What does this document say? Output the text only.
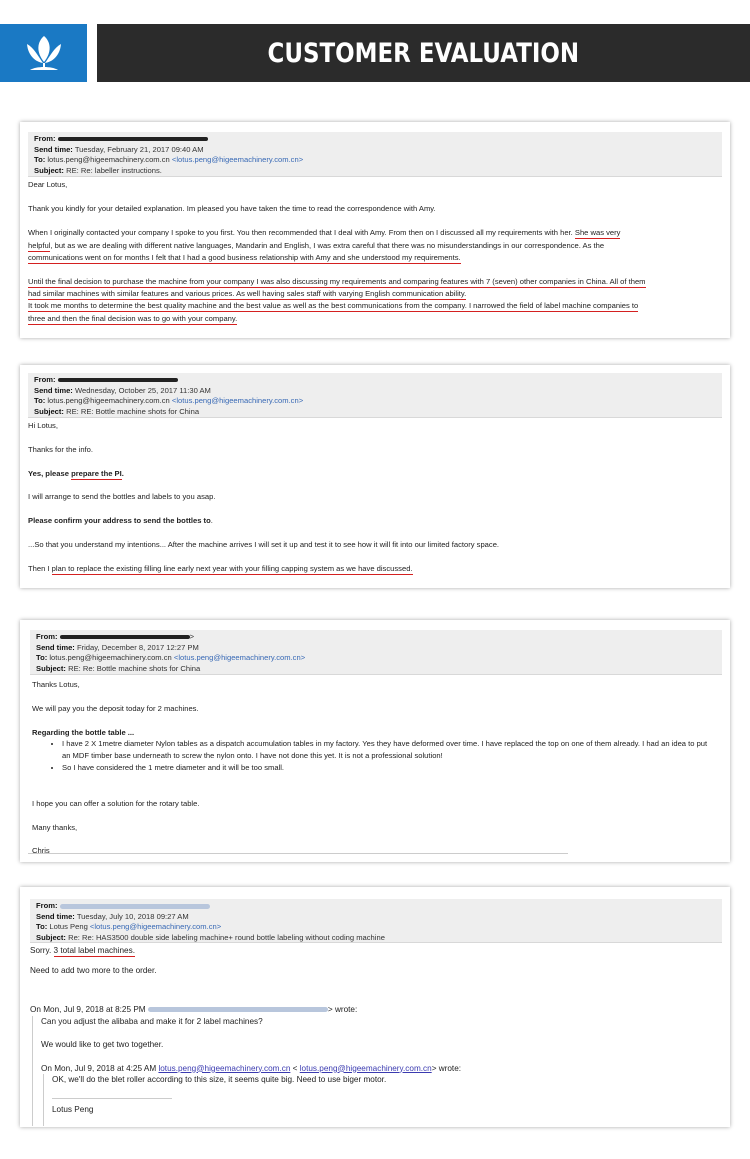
CUSTOMER EVALUATION
From:
Send time: Tuesday, February 21, 2017 09:40 AM
To: lotus.peng@higeemachinery.com.cn <lotus.peng@higeemachinery.com.cn>
Subject: RE: Re: labeller instructions.

Dear Lotus,

Thank you kindly for your detailed explanation. Im pleased you have taken the time to read the correspondence with Amy.

When I originally contacted your company I spoke to you first. You then recommended that I deal with Amy. From then on I discussed all my requirements with her. She was very

helpful, but as we are dealing with different native languages, Mandarin and English, I was extra careful that there was no misunderstandings in our correspondence. As the

communications went on for months I felt that I had a good business relationship with Amy and she understood my requirements.

Until the final decision to purchase the machine from your company I was also discussing my requirements and comparing features with 7 (seven) other companies in China. All of them

had similar machines with similar features and various prices. As well having sales staff with varying English communication ability.

It took me months to determine the best quality machine and the best value as well as the best communications from the company. I narrowed the field of label machine companies to

three and then the final decision was to go with your company.

From:
Send time: Wednesday, October 25, 2017 11:30 AM
To: lotus.peng@higeemachinery.com.cn <lotus.peng@higeemachinery.com.cn>
Subject: RE: RE: Bottle machine shots for China

Hi Lotus,

Thanks for the info.

Yes, please prepare the PI.

I will arrange to send the bottles and labels to you asap.

Please confirm your address to send the bottles to.

...So that you understand my intentions... After the machine arrives I will set it up and test it to see how it will fit into our limited factory space.

Then I plan to replace the existing filling line early next year with your filling capping system as we have discussed.

From:	>
Send time: Friday, December 8, 2017 12:27 PM
To: lotus.peng@higeemachinery.com.cn <lotus.peng@higeemachinery.com.cn>
Subject: RE: Re: Bottle machine shots for China

Thanks Lotus,

We will pay you the deposit today for 2 machines.

Regarding the bottle table ...

• I have 2 X 1metre diameter Nylon tables as a dispatch accumulation tables in my factory. Yes they have deformed over time. I have replaced the top on one of them already. I had an idea to put an MDF timber base underneath to screw the nylon onto. I have not done this yet. It is not a professional solution!
• So I have considered the 1 metre diameter and it will be too small.

I hope you can offer a solution for the rotary table.

Many thanks,

Chris

From:
Send time: Tuesday, July 10, 2018 09:27 AM
To: Lotus Peng <lotus.peng@higeemachinery.com.cn>
Subject: Re: Re: HAS3500 double side labeling machine+ round bottle labeling without coding machine

Sorry. 3 total label machines.

Need to add two more to the order.

On Mon, Jul 9, 2018 at 8:25 PM	> wrote:

Can you adjust the alibaba and make it for 2 label machines?

We would like to get two together.

On Mon, Jul 9, 2018 at 4:25 AM lotus.peng@higeemachinery.com.cn < lotus.peng@higeemachinery.com.cn> wrote:

OK, we'll do the blet roller according to this size, it seems quite big. Need to use biger motor.

Lotus Peng
